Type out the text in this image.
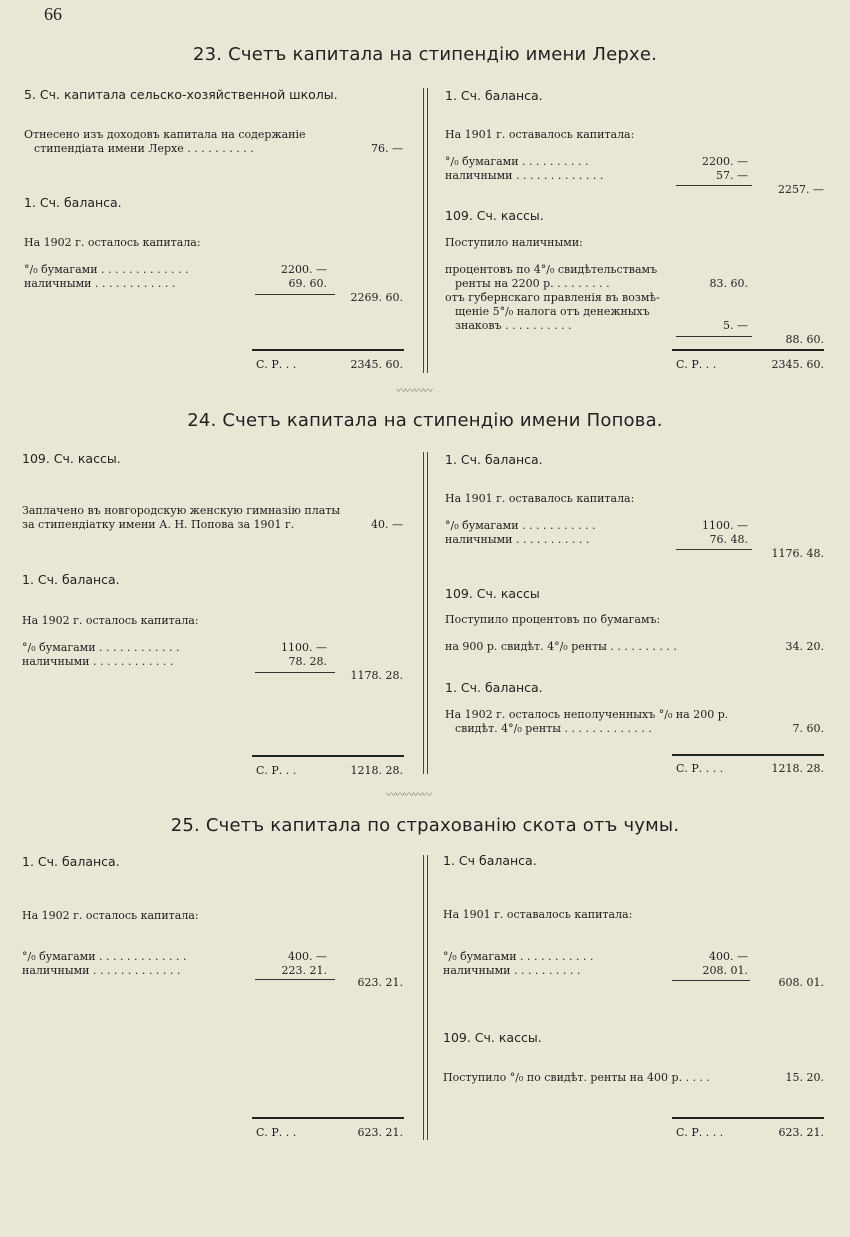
66
23. Счетъ капитала на стипендію имени Лерхе.
5. Сч. капитала сельско-хозяйственной школы.
Отнесено изъ доходовъ капитала на содержаніе
стипендіата имени Лерхе . . . . . . . . . .	76. —
1. Сч. баланса.
На 1902 г. осталось капитала:
°/₀ бумагами . . . . . . . . . . . . .	2200. —
наличными . . . . . . . . . . . .	69. 60.
2269. 60.
С. Р. . .	2345. 60.
1. Сч. баланса.
На 1901 г. оставалось капитала:
°/₀ бумагами . . . . . . . . . .	2200. —
наличными . . . . . . . . . . . . .	57. —
2257. —
109. Сч. кассы.
Поступило наличными:
процентовъ по 4°/₀ свидѣтельствамъ
ренты на 2200 р. . . . . . . . .	83. 60.
отъ губернскаго правленія въ возмѣ-
щеніе 5°/₀ налога отъ денежныхъ
знаковъ . . . . . . . . . .	5. —
88. 60.
С. Р. . .	2345. 60.
〰〰〰〰
24. Счетъ капитала на стипендію имени Попова.
109. Сч. кассы.
Заплачено въ новгородскую женскую гимназію платы
за стипендіатку имени А. Н. Попова за 1901 г.	40. —
1. Сч. баланса.
На 1902 г. осталось капитала:
°/₀ бумагами . . . . . . . . . . . .	1100. —
наличными . . . . . . . . . . . .	78. 28.
1178. 28.
С. Р. . .	1218. 28.
1. Сч. баланса.
На 1901 г. оставалось капитала:
°/₀ бумагами . . . . . . . . . . .	1100. —
наличными . . . . . . . . . . .	76. 48.
1176. 48.
109. Сч. кассы
Поступило процентовъ по бумагамъ:
на 900 р. свидѣт. 4°/₀ ренты . . . . . . . . . .	34. 20.
1. Сч. баланса.
На 1902 г. осталось неполученныхъ °/₀ на 200 р.
свидѣт. 4°/₀ ренты . . . . . . . . . . . . .	7. 60.
С. Р. . . .	1218. 28.
〰〰〰〰〰
25. Счетъ капитала по страхованію скота отъ чумы.
1. Сч. баланса.
На 1902 г. осталось капитала:
°/₀ бумагами . . . . . . . . . . . . .	400. —
наличными . . . . . . . . . . . . .	223. 21.
623. 21.
С. Р. . .	623. 21.
1. Сч баланса.
На 1901 г. оставалось капитала:
°/₀ бумагами . . . . . . . . . . .	400. —
наличными . . . . . . . . . .	208. 01.
608. 01.
109. Сч. кассы.
Поступило °/₀ по свидѣт. ренты на 400 р. . . . .	15. 20.
С. Р. . . .	623. 21.
